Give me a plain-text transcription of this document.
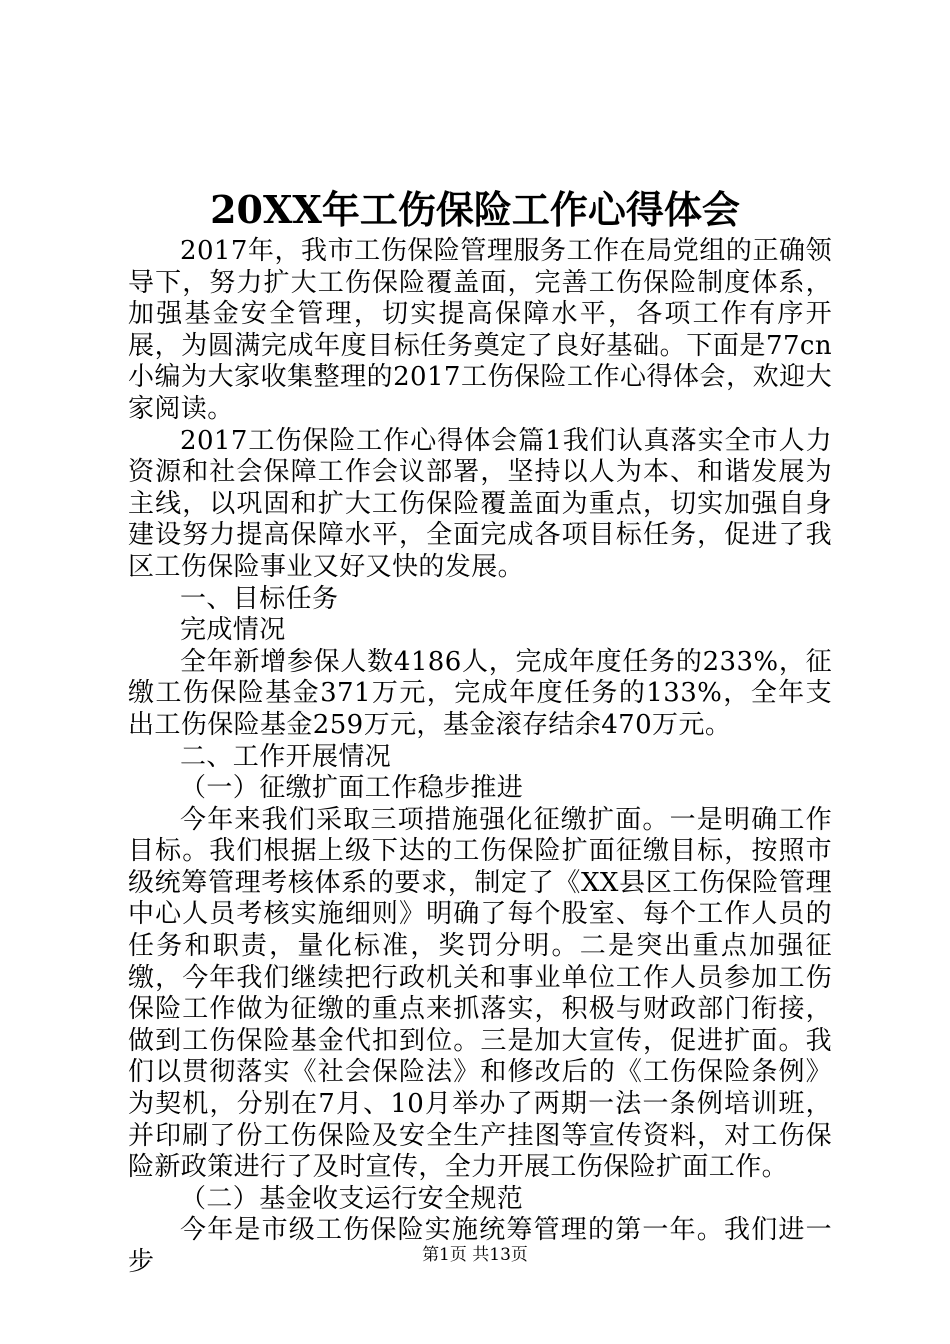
20XX年工伤保险工作心得体会

2017年，我市工伤保险管理服务工作在局党组的正确领导下，努力扩大工伤保险覆盖面，完善工伤保险制度体系，加强基金安全管理，切实提高保障水平，各项工作有序开展，为圆满完成年度目标任务奠定了良好基础。下面是77cn小编为大家收集整理的2017工伤保险工作心得体会，欢迎大家阅读。

2017工伤保险工作心得体会篇1我们认真落实全市人力资源和社会保障工作会议部署，坚持以人为本、和谐发展为主线，以巩固和扩大工伤保险覆盖面为重点，切实加强自身建设努力提高保障水平，全面完成各项目标任务，促进了我区工伤保险事业又好又快的发展。

一、目标任务

完成情况

全年新增参保人数4186人，完成年度任务的233%，征缴工伤保险基金371万元，完成年度任务的133%，全年支出工伤保险基金259万元，基金滚存结余470万元。

二、工作开展情况

（一）征缴扩面工作稳步推进

今年来我们采取三项措施强化征缴扩面。一是明确工作目标。我们根据上级下达的工伤保险扩面征缴目标，按照市级统筹管理考核体系的要求，制定了《XX县区工伤保险管理中心人员考核实施细则》明确了每个股室、每个工作人员的任务和职责，量化标准，奖罚分明。二是突出重点加强征缴，今年我们继续把行政机关和事业单位工作人员参加工伤保险工作做为征缴的重点来抓落实，积极与财政部门衔接，做到工伤保险基金代扣到位。三是加大宣传，促进扩面。我们以贯彻落实《社会保险法》和修改后的《工伤保险条例》为契机，分别在7月、10月举办了两期一法一条例培训班，并印刷了份工伤保险及安全生产挂图等宣传资料，对工伤保险新政策进行了及时宣传，全力开展工伤保险扩面工作。

（二）基金收支运行安全规范

今年是市级工伤保险实施统筹管理的第一年。我们进一步	第1页 共13页
